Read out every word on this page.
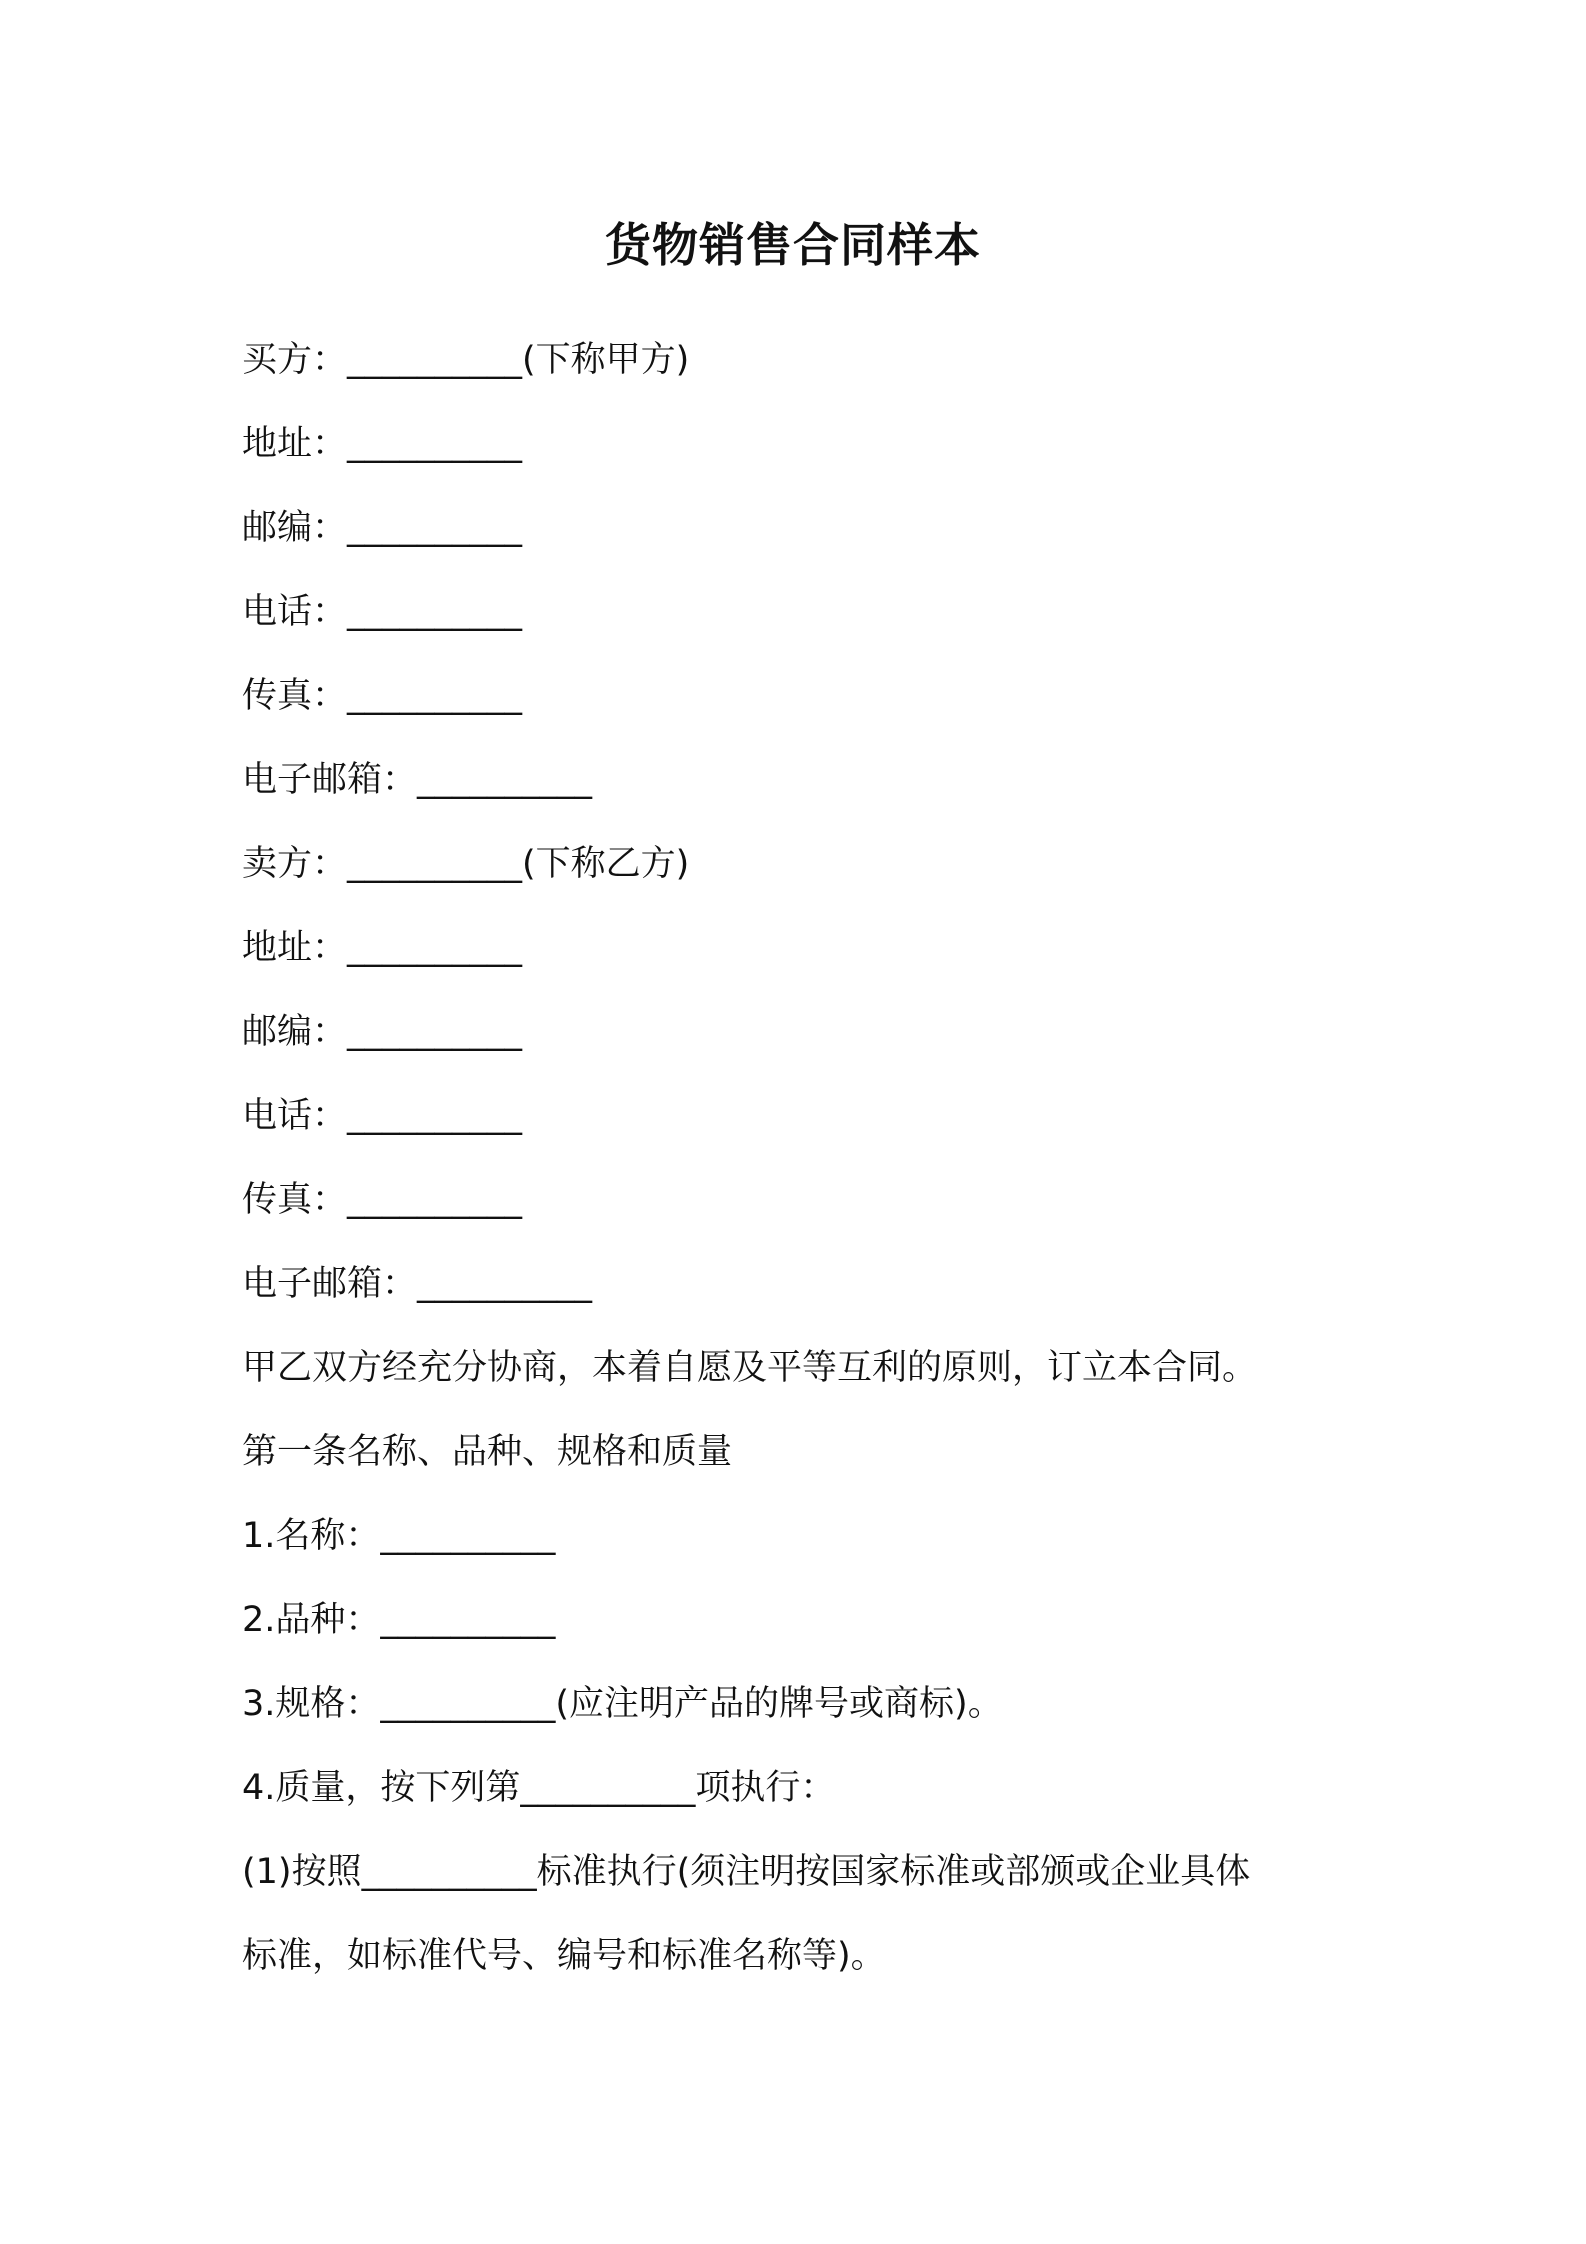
货物销售合同样本
买方：__________(下称甲方)
地址：__________
邮编：__________
电话：__________
传真：__________
电子邮箱：__________
卖方：__________(下称乙方)
地址：__________
邮编：__________
电话：__________
传真：__________
电子邮箱：__________
甲乙双方经充分协商，本着自愿及平等互利的原则，订立本合同。
第一条名称、品种、规格和质量
1.名称：__________
2.品种：__________
3.规格：__________(应注明产品的牌号或商标)。
4.质量，按下列第__________项执行：
(1)按照__________标准执行(须注明按国家标准或部颁或企业具体
标准，如标准代号、编号和标准名称等)。
